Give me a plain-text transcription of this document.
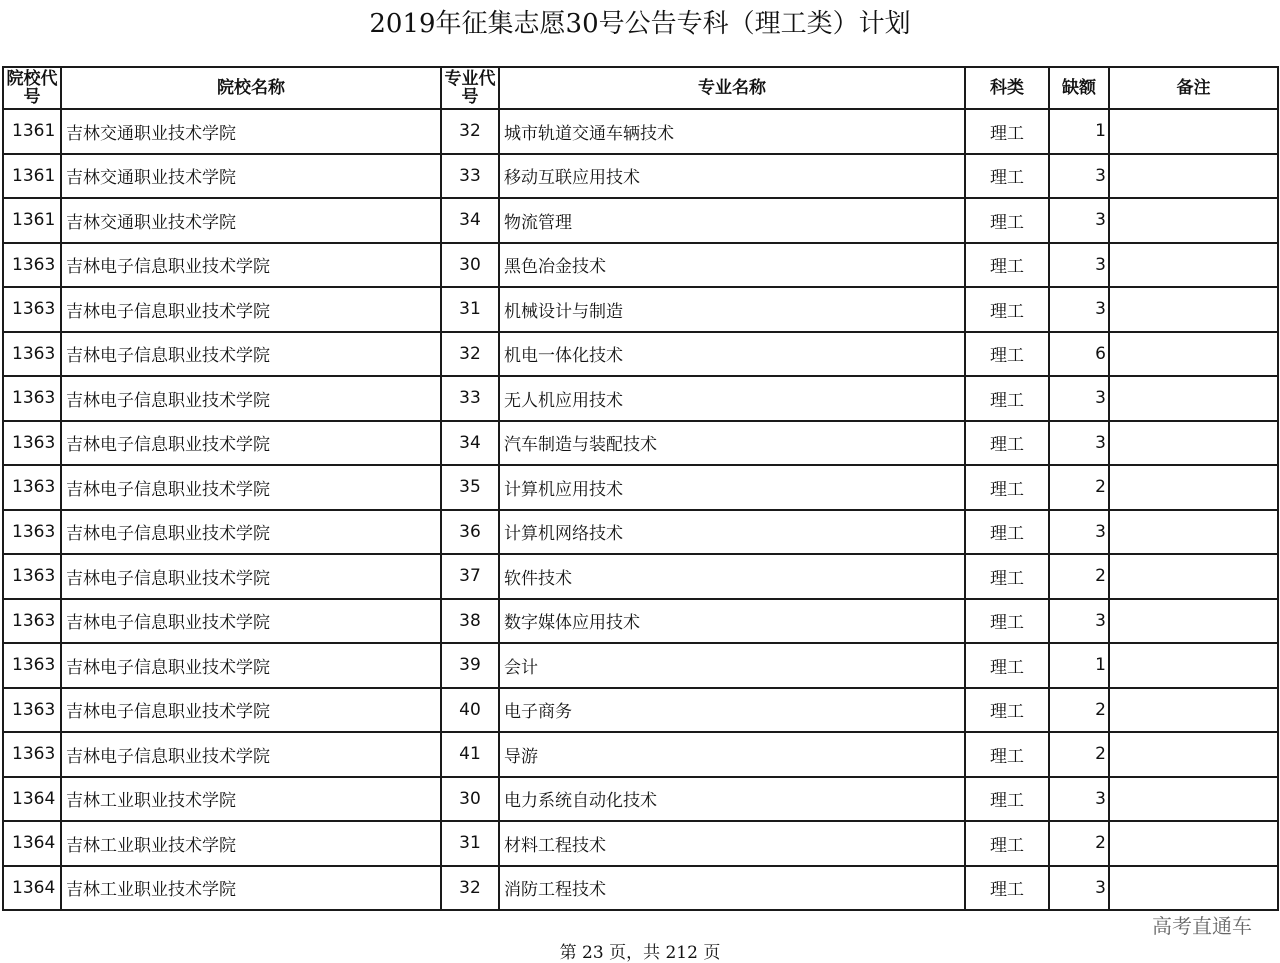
2019年征集志愿30号公告专科（理工类）计划
院校代号	院校名称	专业代号	专业名称	科类	缺额	备注
1361	吉林交通职业技术学院	32	城市轨道交通车辆技术	理工	1	
1361	吉林交通职业技术学院	33	移动互联应用技术	理工	3	
1361	吉林交通职业技术学院	34	物流管理	理工	3	
1363	吉林电子信息职业技术学院	30	黑色冶金技术	理工	3	
1363	吉林电子信息职业技术学院	31	机械设计与制造	理工	3	
1363	吉林电子信息职业技术学院	32	机电一体化技术	理工	6	
1363	吉林电子信息职业技术学院	33	无人机应用技术	理工	3	
1363	吉林电子信息职业技术学院	34	汽车制造与装配技术	理工	3	
1363	吉林电子信息职业技术学院	35	计算机应用技术	理工	2	
1363	吉林电子信息职业技术学院	36	计算机网络技术	理工	3	
1363	吉林电子信息职业技术学院	37	软件技术	理工	2	
1363	吉林电子信息职业技术学院	38	数字媒体应用技术	理工	3	
1363	吉林电子信息职业技术学院	39	会计	理工	1	
1363	吉林电子信息职业技术学院	40	电子商务	理工	2	
1363	吉林电子信息职业技术学院	41	导游	理工	2	
1364	吉林工业职业技术学院	30	电力系统自动化技术	理工	3	
1364	吉林工业职业技术学院	31	材料工程技术	理工	2	
1364	吉林工业职业技术学院	32	消防工程技术	理工	3	
高考直通车
第 23 页，共 212 页
